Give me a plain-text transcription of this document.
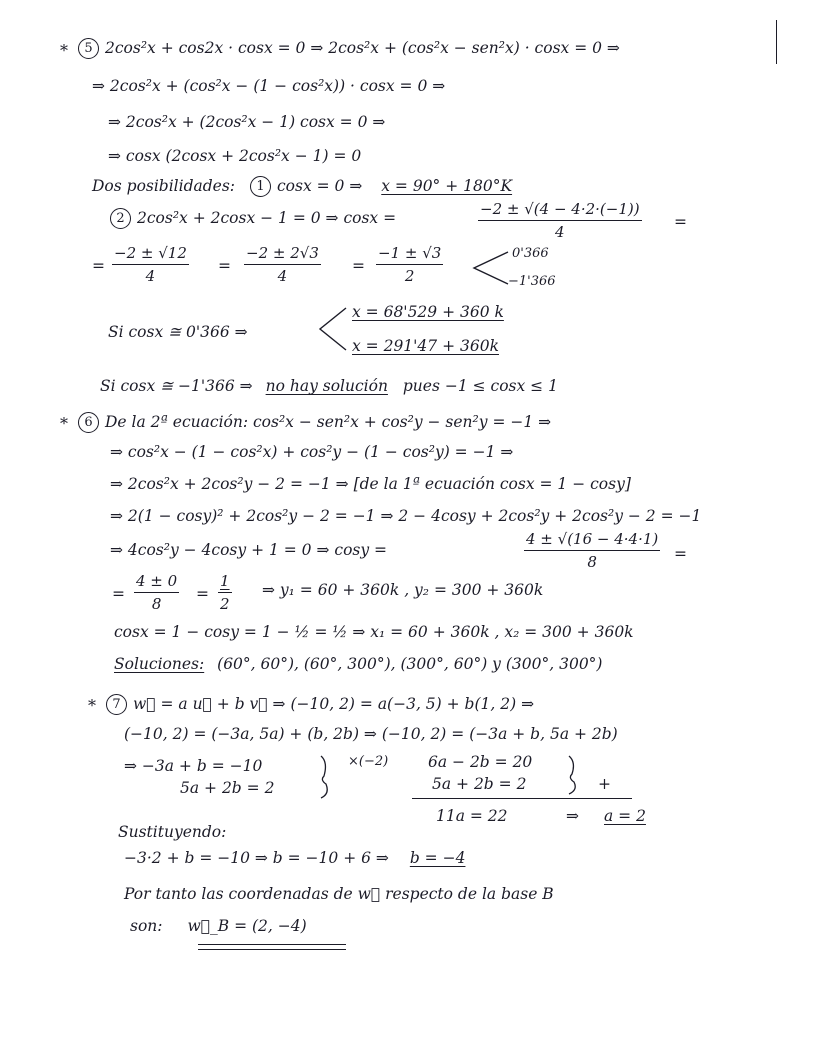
*	5 2cos²x + cos2x · cosx = 0 ⇒ 2cos²x + (cos²x − sen²x) · cosx = 0 ⇒
⇒ 2cos²x + (cos²x − (1 − cos²x)) · cosx = 0 ⇒
⇒ 2cos²x + (2cos²x − 1) cosx = 0 ⇒
⇒ cosx (2cosx + 2cos²x − 1) = 0
Dos posibilidades: 1 cosx = 0 ⇒ x = 90° + 180°K
2 2cos²x + 2cosx − 1 = 0 ⇒ cosx =	$\frac{-2 \pm √(4 - 4\cdot 2\cdot(-1))}{4}$ =
= $\frac{-2 \pm √12}{4} = \frac{-2 \pm 2√3}{4} = \frac{-1 \pm √3}{2}$	0'366
−1'366
Si cosx ≅ 0'366 ⇒
x = 68'529 + 360 k
x = 291'47 + 360k
Si cosx ≅ −1'366 ⇒ no hay solución pues −1 ≤ cosx ≤ 1
*	6 De la 2ª ecuación: cos²x − sen²x + cos²y − sen²y = −1 ⇒
⇒ cos²x − (1 − cos²x) + cos²y − (1 − cos²y) = −1 ⇒
⇒ 2cos²x + 2cos²y − 2 = −1 ⇒ [de la 1ª ecuación cosx = 1 − cosy]
⇒ 2(1 − cosy)² + 2cos²y − 2 = −1 ⇒ 2 − 4cosy + 2cos²y + 2cos²y − 2 = −1
⇒ 4cos²y − 4cosy + 1 = 0 ⇒ cosy =	$\frac{4 \pm √(16 - 4\cdot 4\cdot 1)}{8}$ =
= $\frac{4 \pm 0}{8} = \frac{1}{2}$ ⇒ y₁ = 60 + 360k , y₂ = 300 + 360k
cosx = 1 − cosy = 1 − ½ = ½ ⇒ x₁ = 60 + 360k , x₂ = 300 + 360k
Soluciones: (60°, 60°), (60°, 300°), (300°, 60°) y (300°, 300°)
*	7 w⃗ = a u⃗ + b v⃗ ⇒ (−10, 2) = a(−3, 5) + b(1, 2) ⇒
(−10, 2) = (−3a, 5a) + (b, 2b) ⇒ (−10, 2) = (−3a + b, 5a + 2b)
⇒ −3a + b = −10
5a + 2b = 2
×(−2)	6a − 2b = 20
5a + 2b = 2	+
11a = 22	⇒ a = 2
Sustituyendo:
−3·2 + b = −10 ⇒ b = −10 + 6 ⇒ b = −4
Por tanto las coordenadas de w⃗ respecto de la base B
son: w⃗_B = (2, −4)
